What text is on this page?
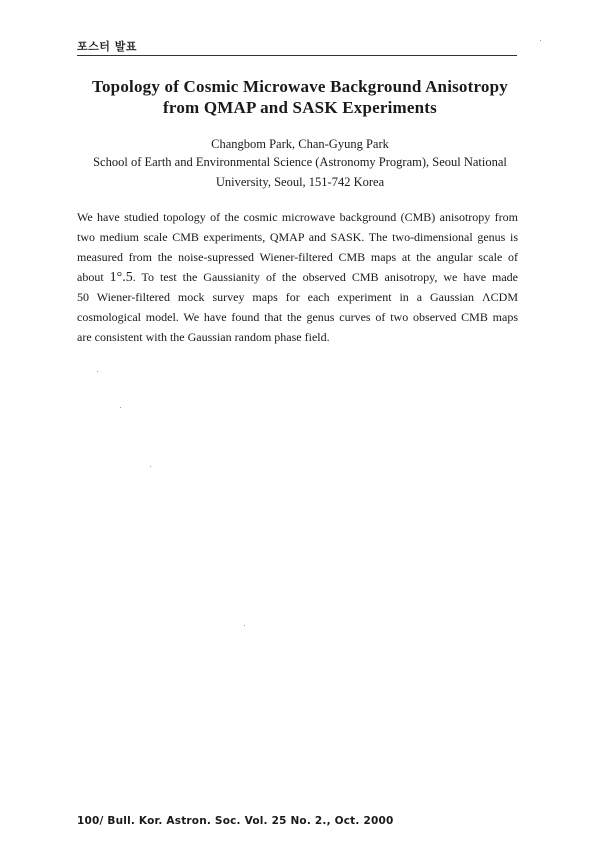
포스터 발표
Topology of Cosmic Microwave Background Anisotropy
from QMAP and SASK Experiments
Changbom Park, Chan-Gyung Park
School of Earth and Environmental Science (Astronomy Program), Seoul National
University, Seoul, 151-742 Korea
We have studied topology of the cosmic microwave background (CMB) anisotropy from
two medium scale CMB experiments, QMAP and SASK. The two-dimensional genus is
measured from the noise-supressed Wiener-filtered CMB maps at the angular scale of
about 1°.5. To test the Gaussianity of the observed CMB anisotropy, we have made
50 Wiener-filtered mock survey maps for each experiment in a Gaussian ΛCDM
cosmological model. We have found that the genus curves of two observed CMB maps
are consistent with the Gaussian random phase field.
100/ Bull. Kor. Astron. Soc. Vol. 25 No. 2., Oct. 2000
